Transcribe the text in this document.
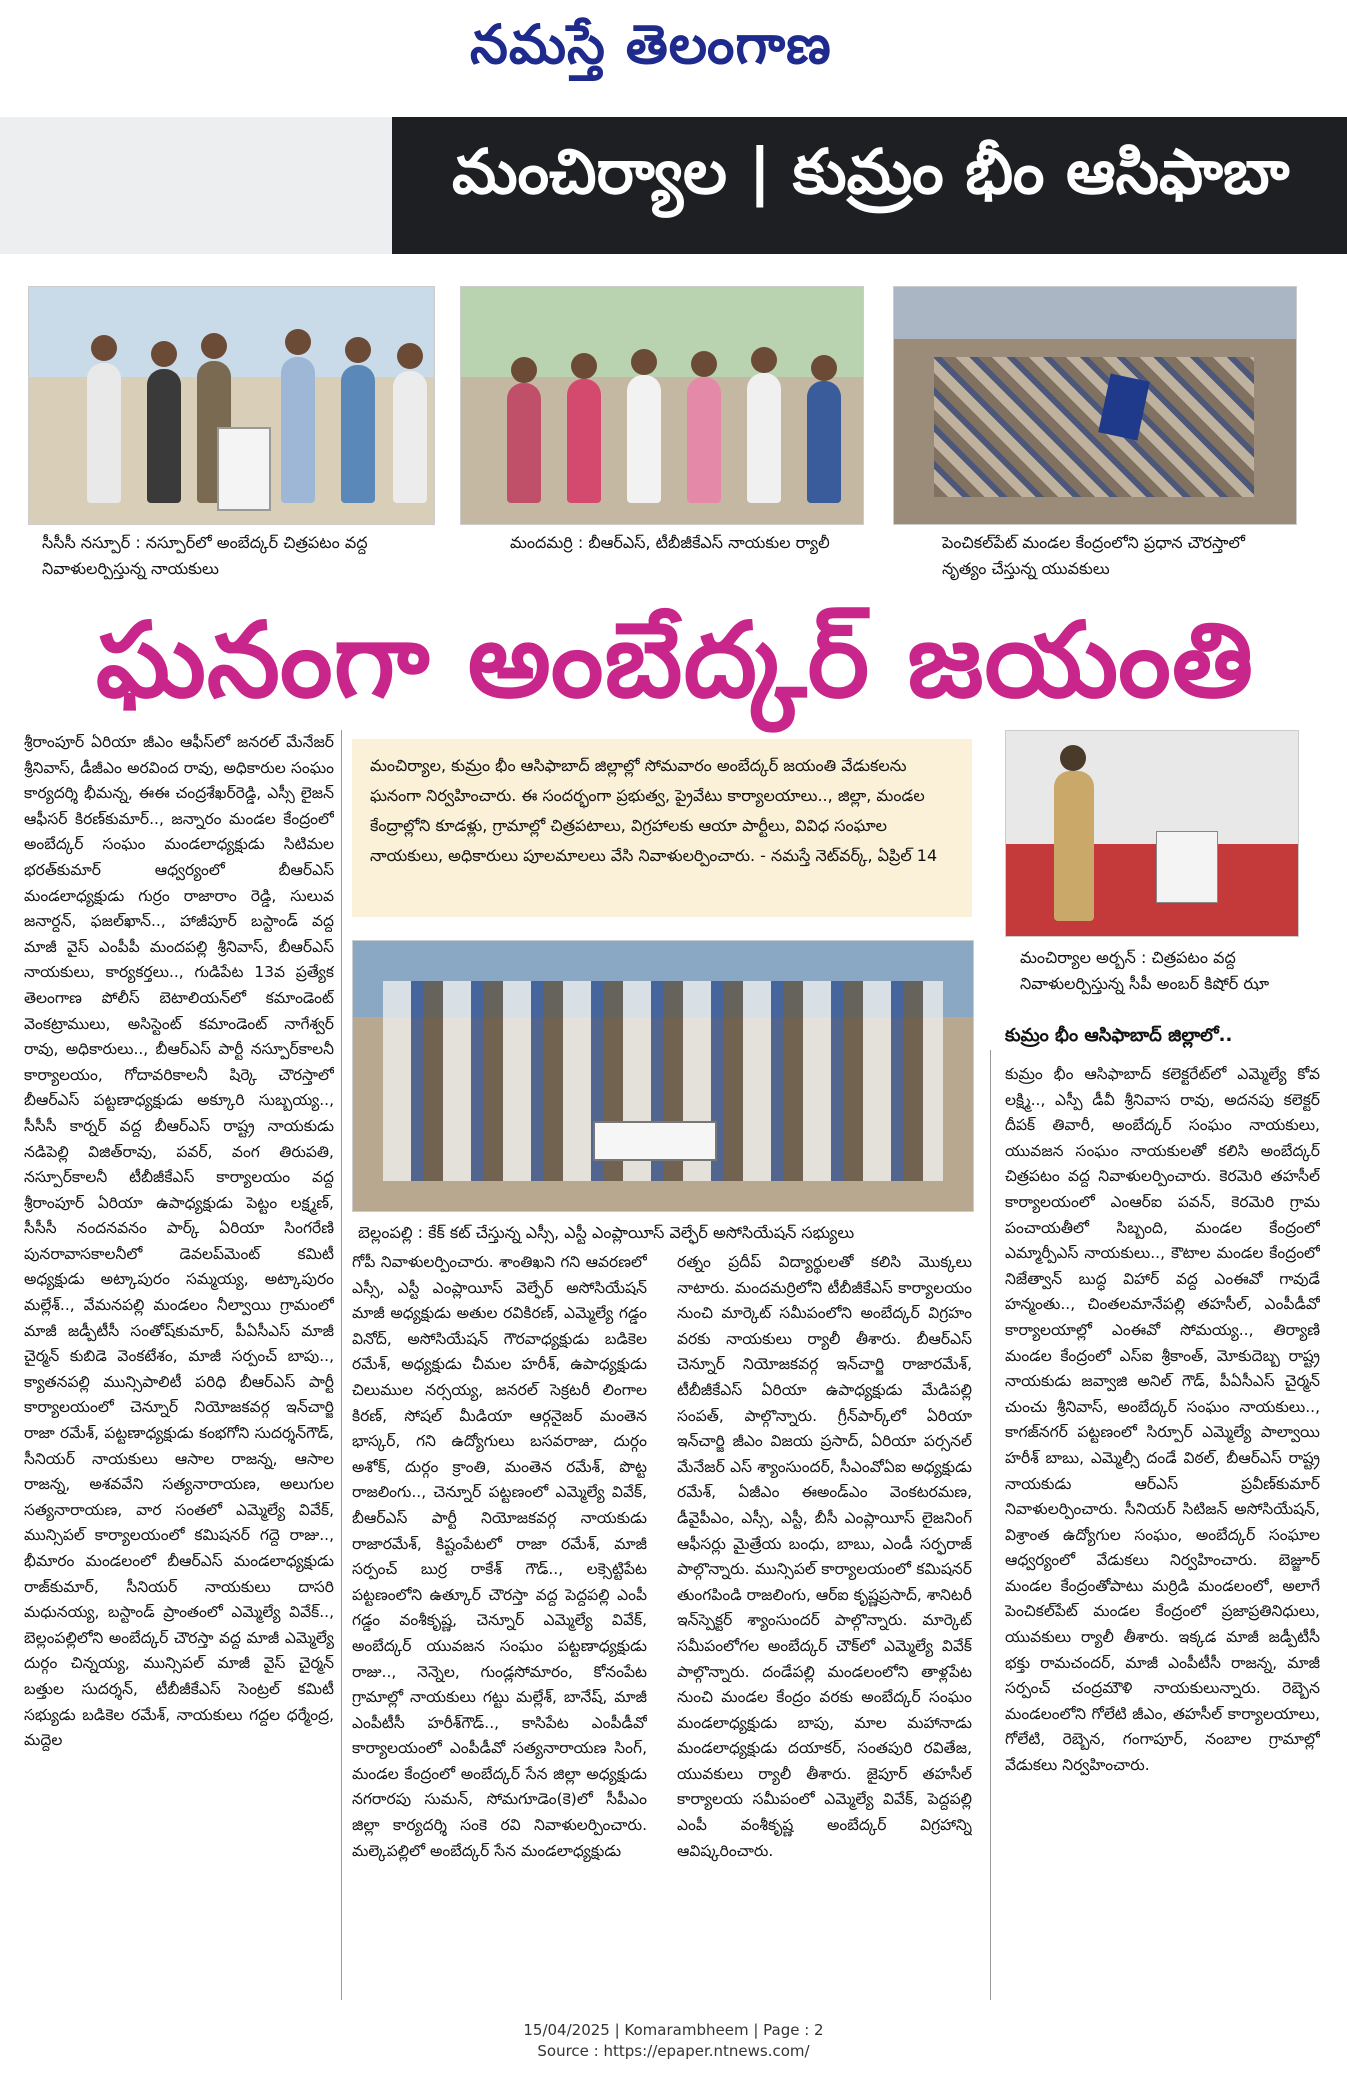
నమస్తే తెలంగాణ
మంచిర్యాల | కుమ్రం భీం ఆసిఫాబా
సీసీసీ నస్పూర్ : నస్పూర్‌లో అంబేద్కర్ చిత్రపటం వద్ద
నివాళులర్పిస్తున్న నాయకులు
మందమర్రి : బీఆర్ఎస్, టీబీజీకేఎస్ నాయకుల ర్యాలీ	పెంచికల్‌పేట్ మండల కేంద్రంలోని ప్రధాన చౌరస్తాలో
నృత్యం చేస్తున్న యువకులు
ఘనంగా అంబేద్కర్ జయంతి
మంచిర్యాల, కుమ్రం భీం ఆసిఫాబాద్ జిల్లాల్లో సోమవారం అంబేద్కర్ జయంతి వేడుకలను ఘనంగా నిర్వహించారు. ఈ సందర్భంగా ప్రభుత్వ, ప్రైవేటు కార్యాలయాలు.., జిల్లా, మండల కేంద్రాల్లోని కూడళ్లు, గ్రామాల్లో చిత్రపటాలు, విగ్రహాలకు ఆయా పార్టీలు, వివిధ సంఘాల నాయకులు, అధికారులు పూలమాలలు వేసి నివాళులర్పించారు. - నమస్తే నెట్‌వర్క్, ఏప్రిల్ 14
మంచిర్యాల అర్బన్ : చిత్రపటం వద్ద
నివాళులర్పిస్తున్న సీపీ అంబర్ కిషోర్ ఝా
బెల్లంపల్లి : కేక్ కట్ చేస్తున్న ఎస్సీ, ఎస్టీ ఎంప్లాయీస్ వెల్ఫేర్ అసోసియేషన్ సభ్యులు
కుమ్రం భీం ఆసిఫాబాద్ జిల్లాలో..
శ్రీరాంపూర్ ఏరియా జీఎం ఆఫీస్‌లో జనరల్ మేనేజర్ శ్రీనివాస్, డీజీఎం అరవింద రావు, అధికారుల సంఘం కార్యదర్శి భీమన్న, ఈఈ చంద్రశేఖర్‌రెడ్డి, ఎస్సీ లైజన్ ఆఫీసర్ కిరణ్‌కుమార్.., జన్నారం మండల కేంద్రంలో అంబేద్కర్ సంఘం మండలాధ్యక్షుడు సిటిమల భరత్‌కుమార్ ఆధ్వర్యంలో బీఆర్ఎస్ మండలాధ్యక్షుడు గుర్రం రాజారాం రెడ్డి, సులువ జనార్దన్, ఫజల్‌ఖాన్.., హాజీపూర్ బస్టాండ్ వద్ద మాజీ వైస్ ఎంపీపీ మందపల్లి శ్రీనివాస్, బీఆర్ఎస్ నాయకులు, కార్యకర్తలు.., గుడిపేట 13వ ప్రత్యేక తెలంగాణ పోలీస్ బెటాలియన్‌లో కమాండెంట్ వెంకట్రాములు, అసిస్టెంట్ కమాండెంట్ నాగేశ్వర్ రావు, అధికారులు.., బీఆర్ఎస్ పార్టీ నస్పూర్‌కాలనీ కార్యాలయం, గోదావరికాలనీ షిర్కె చౌరస్తాలో బీఆర్ఎస్ పట్టణాధ్యక్షుడు అక్కూరి సుబ్బయ్య.., సీసీసీ కార్నర్ వద్ద బీఆర్ఎస్ రాష్ట్ర నాయకుడు నడిపెల్లి విజిత్‌రావు, పవర్, వంగ తిరుపతి, నస్పూర్‌కాలనీ టీబీజీకేఎస్ కార్యాలయం వద్ద శ్రీరాంపూర్ ఏరియా ఉపాధ్యక్షుడు పెట్టం లక్ష్మణ్, సీసీసీ నందనవనం పార్క్ ఏరియా సింగరేణి పునరావాసకాలనీలో డెవలప్‌మెంట్ కమిటీ అధ్యక్షుడు అట్కాపురం సమ్మయ్య, అట్కాపురం మల్లేశ్.., వేమనపల్లి మండలం నీల్వాయి గ్రామంలో మాజీ జడ్పీటీసీ సంతోష్‌కుమార్, పీఏసీఎస్ మాజీ చైర్మన్ కుబిడె వెంకటేశం, మాజీ సర్పంచ్ బాపు.., క్యాతనపల్లి మున్సిపాలిటీ పరిధి బీఆర్ఎస్ పార్టీ కార్యాలయంలో చెన్నూర్ నియోజకవర్గ ఇన్‌చార్జి రాజా రమేశ్, పట్టణాధ్యక్షుడు కంభగోని సుదర్శన్‌గౌడ్, సీనియర్ నాయకులు ఆసాల రాజన్న, ఆసాల రాజన్న, అశవవేని సత్యనారాయణ, అలుగుల సత్యనారాయణ, వార సంతలో ఎమ్మెల్యే వివేక్, మున్సిపల్ కార్యాలయంలో కమిషనర్ గద్దె రాజు.., భీమారం మండలంలో బీఆర్ఎస్ మండలాధ్యక్షుడు రాజ్‌కుమార్, సీనియర్ నాయకులు దాసరి మధునయ్య, బస్టాండ్ ప్రాంతంలో ఎమ్మెల్యే వివేక్.., బెల్లంపల్లిలోని అంబేద్కర్ చౌరస్తా వద్ద మాజీ ఎమ్మెల్యే దుర్గం చిన్నయ్య, మున్సిపల్ మాజీ వైస్ చైర్మన్ బత్తుల సుదర్శన్, టీబీజీకేఎస్ సెంట్రల్ కమిటీ సభ్యుడు బడికెల రమేశ్, నాయకులు గద్దల ధర్మేంద్ర, మద్దెల
గోపీ నివాళులర్పించారు. శాంతిఖని గని ఆవరణలో ఎస్సీ, ఎస్టీ ఎంప్లాయీస్ వెల్ఫేర్ అసోసియేషన్ మాజీ అధ్యక్షుడు అతుల రవికిరణ్, ఎమ్మెల్యే గడ్డం వినోద్, అసోసియేషన్ గౌరవాధ్యక్షుడు బడికెల రమేశ్, అధ్యక్షుడు చీమల హరీశ్, ఉపాధ్యక్షుడు చిలుముల నర్సయ్య, జనరల్ సెక్రటరీ లింగాల కిరణ్, సోషల్ మీడియా ఆర్గనైజర్ మంతెన భాస్కర్, గని ఉద్యోగులు బసవరాజు, దుర్గం అశోక్, దుర్గం క్రాంతి, మంతెన రమేశ్, పొట్ట రాజలింగు.., చెన్నూర్ పట్టణంలో ఎమ్మెల్యే వివేక్, బీఆర్ఎస్ పార్టీ నియోజకవర్గ నాయకుడు రాజారమేశ్, కిష్టంపేటలో రాజా రమేశ్, మాజీ సర్పంచ్ బుర్ర రాకేశ్ గౌడ్.., లక్సెట్టిపేట పట్టణంలోని ఉత్కూర్ చౌరస్తా వద్ద పెద్దపల్లి ఎంపీ గడ్డం వంశీకృష్ణ, చెన్నూర్ ఎమ్మెల్యే వివేక్, అంబేద్కర్ యువజన సంఘం పట్టణాధ్యక్షుడు రాజు.., నెన్నెల, గుండ్లసోమారం, కోనంపేట గ్రామాల్లో నాయకులు గట్టు మల్లేశ్, బానేష్, మాజీ ఎంపీటీసీ హరీశ్‌గౌడ్.., కాసిపేట ఎంపీడీవో కార్యాలయంలో ఎంపీడీవో సత్యనారాయణ సింగ్, మండల కేంద్రంలో అంబేద్కర్ సేన జిల్లా అధ్యక్షుడు నగరారపు సుమన్, సోమగూడెం(కె)లో సీపీఎం జిల్లా కార్యదర్శి సంకె రవి నివాళులర్పించారు. మల్కెపల్లిలో అంబేద్కర్ సేన మండలాధ్యక్షుడు
రత్నం ప్రదీప్ విద్యార్థులతో కలిసి మొక్కలు నాటారు. మందమర్రిలోని టీబీజీకేఎస్ కార్యాలయం నుంచి మార్కెట్ సమీపంలోని అంబేద్కర్ విగ్రహం వరకు నాయకులు ర్యాలీ తీశారు. బీఆర్ఎస్ చెన్నూర్ నియోజకవర్గ ఇన్‌చార్జి రాజారమేశ్, టీబీజీకేఎస్ ఏరియా ఉపాధ్యక్షుడు మేడిపల్లి సంపత్, పాల్గొన్నారు. గ్రీన్‌పార్క్‌లో ఏరియా ఇన్‌చార్జి జీఎం విజయ ప్రసాద్, ఏరియా పర్సనల్ మేనేజర్ ఎస్ శ్యాంసుందర్, సీఎంవోఏఐ అధ్యక్షుడు రమేశ్, ఏజీఎం ఈఅండ్ఎం వెంకటరమణ, డీవైపీఎం, ఎస్సీ, ఎస్టీ, బీసీ ఎంప్లాయీస్ లైజనింగ్ ఆఫీసర్లు మైత్రేయ బంధు, బాబు, ఎండీ సర్ఫరాజ్ పాల్గొన్నారు. మున్సిపల్ కార్యాలయంలో కమిషనర్ తుంగపిండి రాజలింగు, ఆర్ఐ కృష్ణప్రసాద్, శానిటరీ ఇన్‌స్పెక్టర్ శ్యాంసుందర్ పాల్గొన్నారు. మార్కెట్ సమీపంలోగల అంబేద్కర్ చౌక్‌లో ఎమ్మెల్యే వివేక్ పాల్గొన్నారు. దండేపల్లి మండలంలోని తాళ్లపేట నుంచి మండల కేంద్రం వరకు అంబేద్కర్ సంఘం మండలాధ్యక్షుడు బాపు, మాల మహానాడు మండలాధ్యక్షుడు దయాకర్, సంతపురి రవితేజ, యువకులు ర్యాలీ తీశారు. జైపూర్ తహసీల్ కార్యాలయ సమీపంలో ఎమ్మెల్యే వివేక్, పెద్దపల్లి ఎంపీ వంశీకృష్ణ అంబేద్కర్ విగ్రహాన్ని ఆవిష్కరించారు.
కుమ్రం భీం ఆసిఫాబాద్ కలెక్టరేట్‌లో ఎమ్మెల్యే కోవ లక్ష్మి.., ఎస్పీ డీవీ శ్రీనివాస రావు, అదనపు కలెక్టర్ దీపక్ తివారీ, అంబేద్కర్ సంఘం నాయకులు, యువజన సంఘం నాయకులతో కలిసి అంబేద్కర్ చిత్రపటం వద్ద నివాళులర్పించారు. కెరమెరి తహసీల్ కార్యాలయంలో ఎంఆర్ఐ పవన్, కెరమెరి గ్రామ పంచాయతీలో సిబ్బంది, మండల కేంద్రంలో ఎమ్మార్పీఎస్ నాయకులు.., కౌటాల మండల కేంద్రంలో నిజేత్వాన్ బుద్ధ విహార్ వద్ద ఎంఈవో గావుడే హన్మంతు.., చింతలమానేపల్లి తహసీల్, ఎంపీడీవో కార్యాలయాల్లో ఎంఈవో సోమయ్య.., తిర్యాణి మండల కేంద్రంలో ఎస్ఐ శ్రీకాంత్, మోకుదెబ్బ రాష్ట్ర నాయకుడు జవ్వాజి అనిల్ గౌడ్, పీఏసీఎస్ చైర్మన్ చుంచు శ్రీనివాస్, అంబేద్కర్ సంఘం నాయకులు.., కాగజ్‌నగర్ పట్టణంలో సిర్పూర్ ఎమ్మెల్యే పాల్వాయి హరీశ్ బాబు, ఎమ్మెల్సీ దండే విఠల్, బీఆర్ఎస్ రాష్ట్ర నాయకుడు ఆర్ఎస్ ప్రవీణ్‌కుమార్ నివాళులర్పించారు. సీనియర్ సిటిజన్ అసోసియేషన్, విశ్రాంత ఉద్యోగుల సంఘం, అంబేద్కర్ సంఘాల ఆధ్వర్యంలో వేడుకలు నిర్వహించారు. బెజ్జూర్ మండల కేంద్రంతోపాటు మర్రిడి మండలంలో, అలాగే పెంచికల్‌పేట్ మండల కేంద్రంలో ప్రజాప్రతినిధులు, యువకులు ర్యాలీ తీశారు. ఇక్కడ మాజీ జడ్పీటీసీ భక్తు రామచందర్, మాజీ ఎంపీటీసీ రాజన్న, మాజీ సర్పంచ్ చంద్రమౌళి నాయకులున్నారు. రెబ్బెన మండలంలోని గోలేటి జీఎం, తహసీల్ కార్యాలయాలు, గోలేటి, రెబ్బెన, గంగాపూర్, నంబాల గ్రామాల్లో వేడుకలు నిర్వహించారు.
15/04/2025 | Komarambheem | Page : 2
Source : https://epaper.ntnews.com/
